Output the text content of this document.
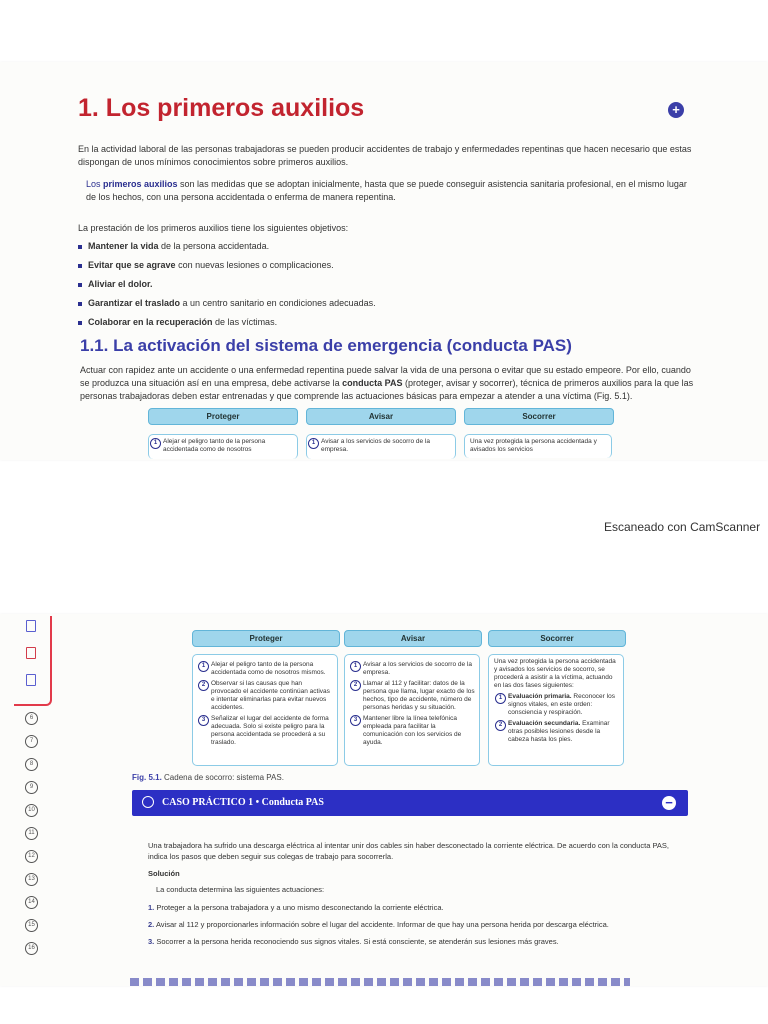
1. Los primeros auxilios	+

En la actividad laboral de las personas trabajadoras se pueden producir accidentes de trabajo y enfermedades repentinas que hacen necesario que estas dispongan de unos mínimos conocimientos sobre primeros auxilios.

Los primeros auxilios son las medidas que se adoptan inicialmente, hasta que se puede conseguir asistencia sanitaria profesional, en el mismo lugar de los hechos, con una persona accidentada o enferma de manera repentina.

La prestación de los primeros auxilios tiene los siguientes objetivos:

Mantener la vida de la persona accidentada.
Evitar que se agrave con nuevas lesiones o complicaciones.
Aliviar el dolor.
Garantizar el traslado a un centro sanitario en condiciones adecuadas.
Colaborar en la recuperación de las víctimas.
1.1. La activación del sistema de emergencia (conducta PAS)

Actuar con rapidez ante un accidente o una enfermedad repentina puede salvar la vida de una persona o evitar que su estado empeore. Por ello, cuando se produzca una situación así en una empresa, debe activarse la conducta PAS (proteger, avisar y socorrer), técnica de primeros auxilios para la que las personas trabajadoras deben estar entrenadas y que comprende las actuaciones básicas para empezar a atender a una víctima (Fig. 5.1).

Proteger	Avisar	Socorrer
1 Alejar el peligro tanto de la persona accidentada como de nosotros
1 Avisar a los servicios de socorro de la empresa.
Una vez protegida la persona accidentada y avisados los servicios

Escaneado con CamScanner

6
7
8
9
10
11
12
13
14
15
16
Proteger	Avisar	Socorrer
1 Alejar el peligro tanto de la persona accidentada como de nosotros mismos.
2 Observar si las causas que han provocado el accidente continúan activas e intentar eliminarlas para evitar nuevos accidentes.
3 Señalizar el lugar del accidente de forma adecuada. Solo si existe peligro para la persona accidentada se procederá a su traslado.
1 Avisar a los servicios de socorro de la empresa.
2 Llamar al 112 y facilitar: datos de la persona que llama, lugar exacto de los hechos, tipo de accidente, número de personas heridas y su situación.
3 Mantener libre la línea telefónica empleada para facilitar la comunicación con los servicios de ayuda.
Una vez protegida la persona accidentada y avisados los servicios de socorro, se procederá a asistir a la víctima, actuando en las dos fases siguientes:
1 Evaluación primaria. Reconocer los signos vitales, en este orden: consciencia y respiración.
2 Evaluación secundaria. Examinar otras posibles lesiones desde la cabeza hasta los pies.

Fig. 5.1. Cadena de socorro: sistema PAS.

CASO PRÁCTICO 1 • Conducta PAS	−

Una trabajadora ha sufrido una descarga eléctrica al intentar unir dos cables sin haber desconectado la corriente eléctrica. De acuerdo con la conducta PAS, indica los pasos que deben seguir sus colegas de trabajo para socorrerla.

Solución

La conducta determina las siguientes actuaciones:

1. Proteger a la persona trabajadora y a uno mismo desconectando la corriente eléctrica.

2. Avisar al 112 y proporcionarles información sobre el lugar del accidente. Informar de que hay una persona herida por descarga eléctrica.

3. Socorrer a la persona herida reconociendo sus signos vitales. Si está consciente, se atenderán sus lesiones más graves.
